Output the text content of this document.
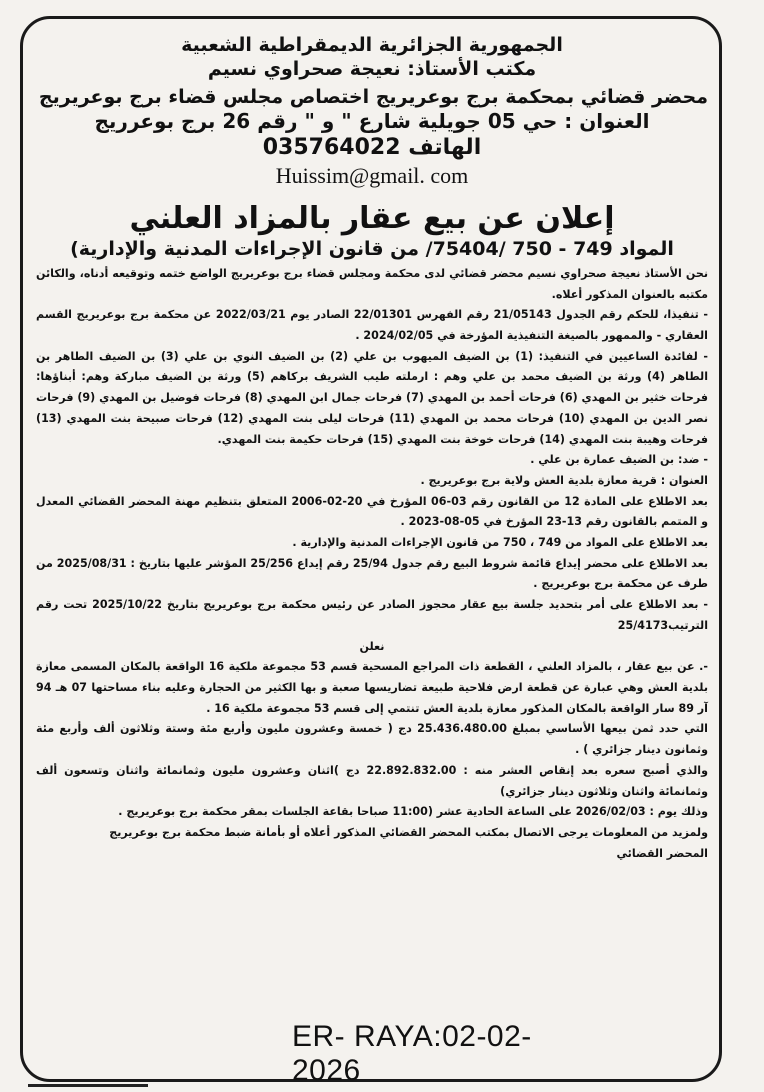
الجمهورية الجزائرية الديمقراطية الشعبية
مكتب الأستاذ: نعيجة صحراوي نسيم
محضر قضائي بمحكمة برج بوعريريج اختصاص مجلس قضاء برج بوعريريج
العنوان : حي 05 جويلية شارع " و " رقم 26 برج بوعرريج
الهاتف 035764022
Huissim@gmail. com
إعلان عن بيع عقار بالمزاد العلني
المواد 749 - 750 /75404/ من قانون الإجراءات المدنية والإدارية)

نحن الأستاذ نعيجة صحراوي نسيم محضر قضائي لدى محكمة ومجلس قضاء برج بوعريريج الواضع ختمه وتوقيعه أدناه، والكائن مكتبه بالعنوان المذكور أعلاه.

- تنفيذا، للحكم رقم الجدول 21/05143 رقم الفهرس 22/01301 الصادر يوم 2022/03/21 عن محكمة برج بوعريريج القسم العقاري - والممهور بالصيغة التنفيذية المؤرخة في 2024/02/05 .

- لفائدة الساعيين في التنفيذ: (1) بن الضيف الميهوب بن علي (2) بن الضيف النوي بن علي (3) بن الضيف الطاهر بن الطاهر (4) ورثة بن الضيف محمد بن علي وهم : ارملته طيب الشريف بركاهم (5) ورثة بن الضيف مباركة وهم: أبناؤها: فرحات خثير بن المهدي (6) فرحات أحمد بن المهدي (7) فرحات جمال ابن المهدي (8) فرحات فوضيل بن المهدي (9) فرحات نصر الدين بن المهدي (10) فرحات محمد بن المهدي (11) فرحات ليلى بنت المهدي (12) فرحات صبيحة بنت المهدي (13) فرحات وهيبة بنت المهدي (14) فرحات خوخة بنت المهدي (15) فرحات حكيمة بنت المهدي.

- ضد: بن الضيف عمارة بن علي .

العنوان : قرية معازة بلدية العش ولاية برج بوعريريج .

بعد الاطلاع على المادة 12 من القانون رقم 03-06 المؤرخ في 20-02-2006 المتعلق بتنظيم مهنة المحضر القضائي المعدل و المتمم بالقانون رقم 13-23 المؤرخ في 05-08-2023 .

بعد الاطلاع على المواد من 749 ، 750 من قانون الإجراءات المدنية والإدارية .

بعد الاطلاع على محضر إيداع قائمة شروط البيع رقم جدول 25/94 رقم إيداع 25/256 المؤشر عليها بتاريخ : 2025/08/31 من طرف عن محكمة برج بوعريريج .

- بعد الاطلاع على أمر بتحديد جلسة بيع عقار محجوز الصادر عن رئيس محكمة برج بوعريريج بتاريخ 2025/10/22 تحت رقم الترتيب25/4173

نعلن

-. عن بيع عقار ، بالمزاد العلني ، القطعة ذات المراجع المسحية قسم 53 مجموعة ملكية 16 الواقعة بالمكان المسمى معازة بلدية العش وهي عبارة عن قطعة ارض فلاحية طبيعة تضاريسها صعبة و بها الكثير من الحجارة وعليه بناء مساحتها 07 هـ 94 آر 89 سار الواقعة بالمكان المذكور معازة بلدية العش تنتمي إلى قسم 53 مجموعة ملكية 16 .

التي حدد ثمن بيعها الأساسي بمبلغ 25.436.480.00 دج ( خمسة وعشرون مليون وأربع مئة وستة وثلاثون ألف وأربع مئة وثمانون دينار جزائري ) .

والذي أصبح سعره بعد إنقاص العشر منه : 22.892.832.00 دج )اثنان وعشرون مليون وثمانمائة واثنان وتسعون ألف وثمانمائة واثنان وثلاثون دينار جزائري)

وذلك يوم : 2026/02/03 على الساعة الحادية عشر (11:00 صباحا بقاعة الجلسات بمقر محكمة برج بوعريريج .

ولمزيد من المعلومات يرجى الاتصال بمكتب المحضر القضائي المذكور أعلاه أو بأمانة ضبط محكمة برج بوعريريج

المحضر القضائي

ER- RAYA:02-02-2026
